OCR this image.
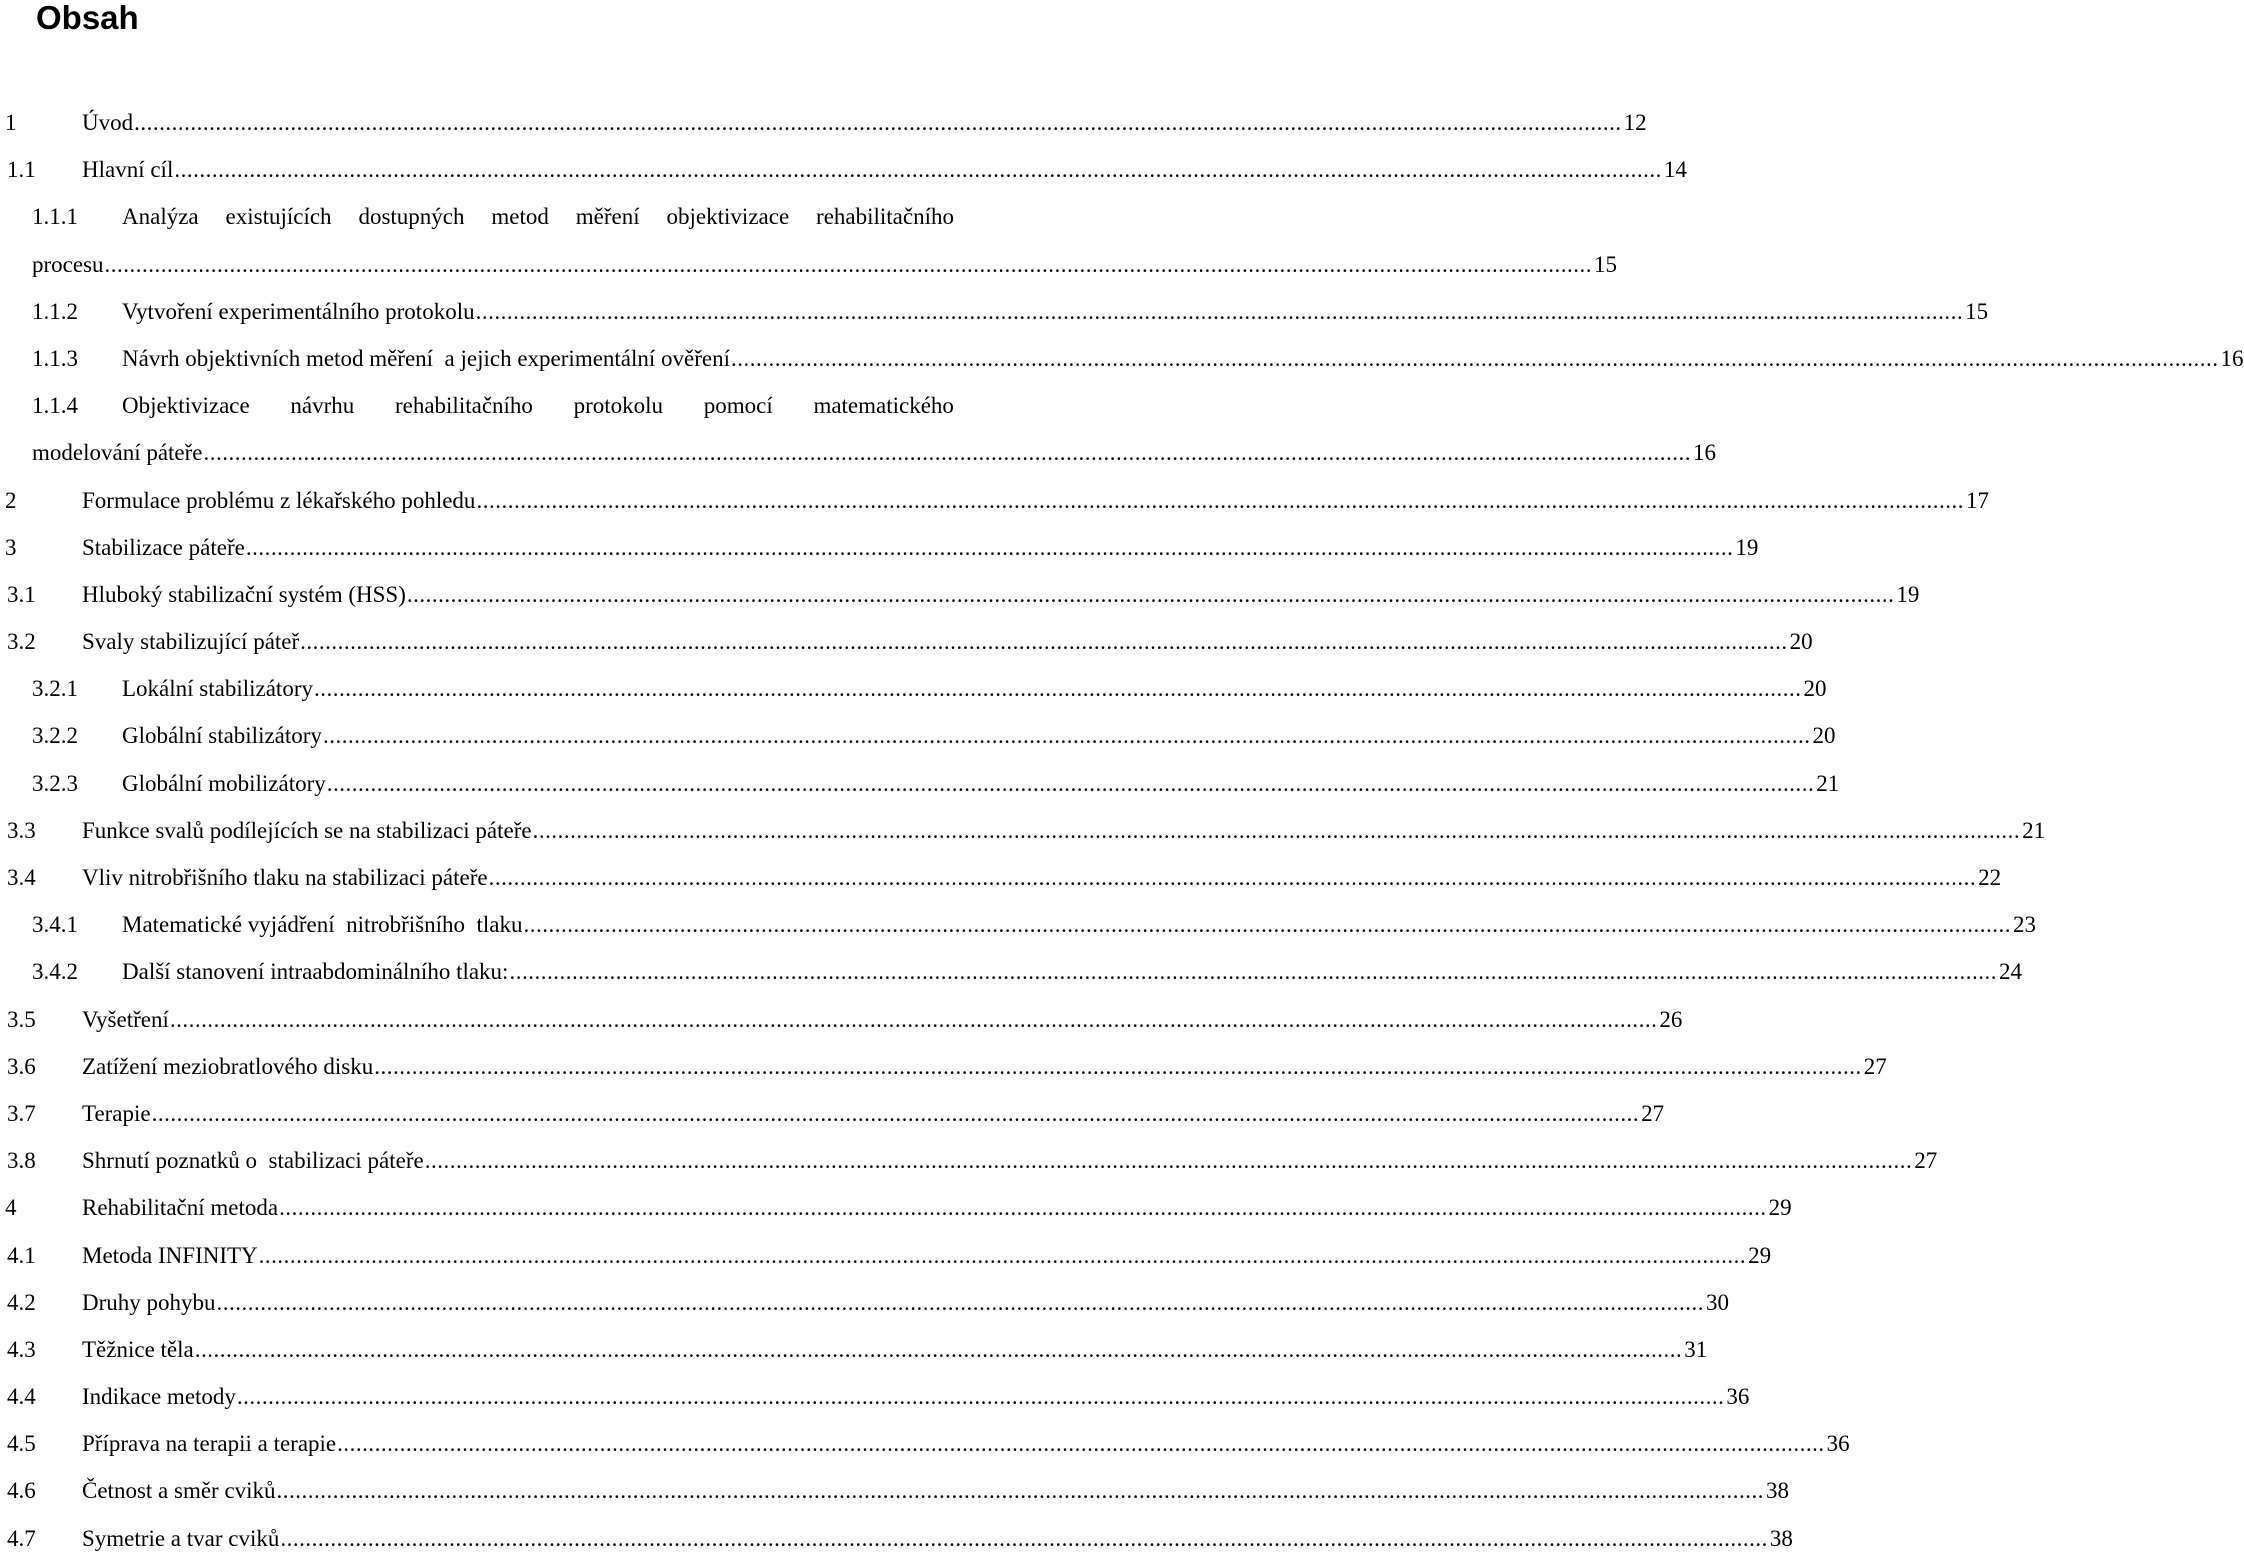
Obsah
1	Úvod .............................................................................................................................................................................................................................................. 12
1.1 Hlavní cíl .............................................................................................................................................................................................................................................. 14
1.1.1 Analýza existujících dostupných metod měření objektivizace rehabilitačního
procesu .............................................................................................................................................................................................................................................. 15
1.1.2 Vytvoření experimentálního protokolu .............................................................................................................................................................................................................................................. 15
1.1.3 Návrh objektivních metod měření  a jejich experimentální ověření .............................................................................................................................................................................................................................................. 16
1.1.4 Objektivizace návrhu rehabilitačního protokolu pomocí matematického
modelování páteře .............................................................................................................................................................................................................................................. 16
2	Formulace problému z lékařského pohledu .............................................................................................................................................................................................................................................. 17
3	Stabilizace páteře .............................................................................................................................................................................................................................................. 19
3.1 Hluboký stabilizační systém (HSS) .............................................................................................................................................................................................................................................. 19
3.2 Svaly stabilizující páteř .............................................................................................................................................................................................................................................. 20
3.2.1 Lokální stabilizátory .............................................................................................................................................................................................................................................. 20
3.2.2 Globální stabilizátory .............................................................................................................................................................................................................................................. 20
3.2.3 Globální mobilizátory .............................................................................................................................................................................................................................................. 21
3.3 Funkce svalů podílejících se na stabilizaci páteře .............................................................................................................................................................................................................................................. 21
3.4 Vliv nitrobřišního tlaku na stabilizaci páteře .............................................................................................................................................................................................................................................. 22
3.4.1 Matematické vyjádření  nitrobřišního  tlaku .............................................................................................................................................................................................................................................. 23
3.4.2 Další stanovení intraabdominálního tlaku: .............................................................................................................................................................................................................................................. 24
3.5 Vyšetření .............................................................................................................................................................................................................................................. 26
3.6 Zatížení meziobratlového disku .............................................................................................................................................................................................................................................. 27
3.7 Terapie .............................................................................................................................................................................................................................................. 27
3.8 Shrnutí poznatků o  stabilizaci páteře .............................................................................................................................................................................................................................................. 27
4	Rehabilitační metoda .............................................................................................................................................................................................................................................. 29
4.1 Metoda INFINITY .............................................................................................................................................................................................................................................. 29
4.2 Druhy pohybu .............................................................................................................................................................................................................................................. 30
4.3 Těžnice těla .............................................................................................................................................................................................................................................. 31
4.4 Indikace metody .............................................................................................................................................................................................................................................. 36
4.5 Příprava na terapii a terapie .............................................................................................................................................................................................................................................. 36
4.6 Četnost a směr cviků .............................................................................................................................................................................................................................................. 38
4.7 Symetrie a tvar cviků .............................................................................................................................................................................................................................................. 38
